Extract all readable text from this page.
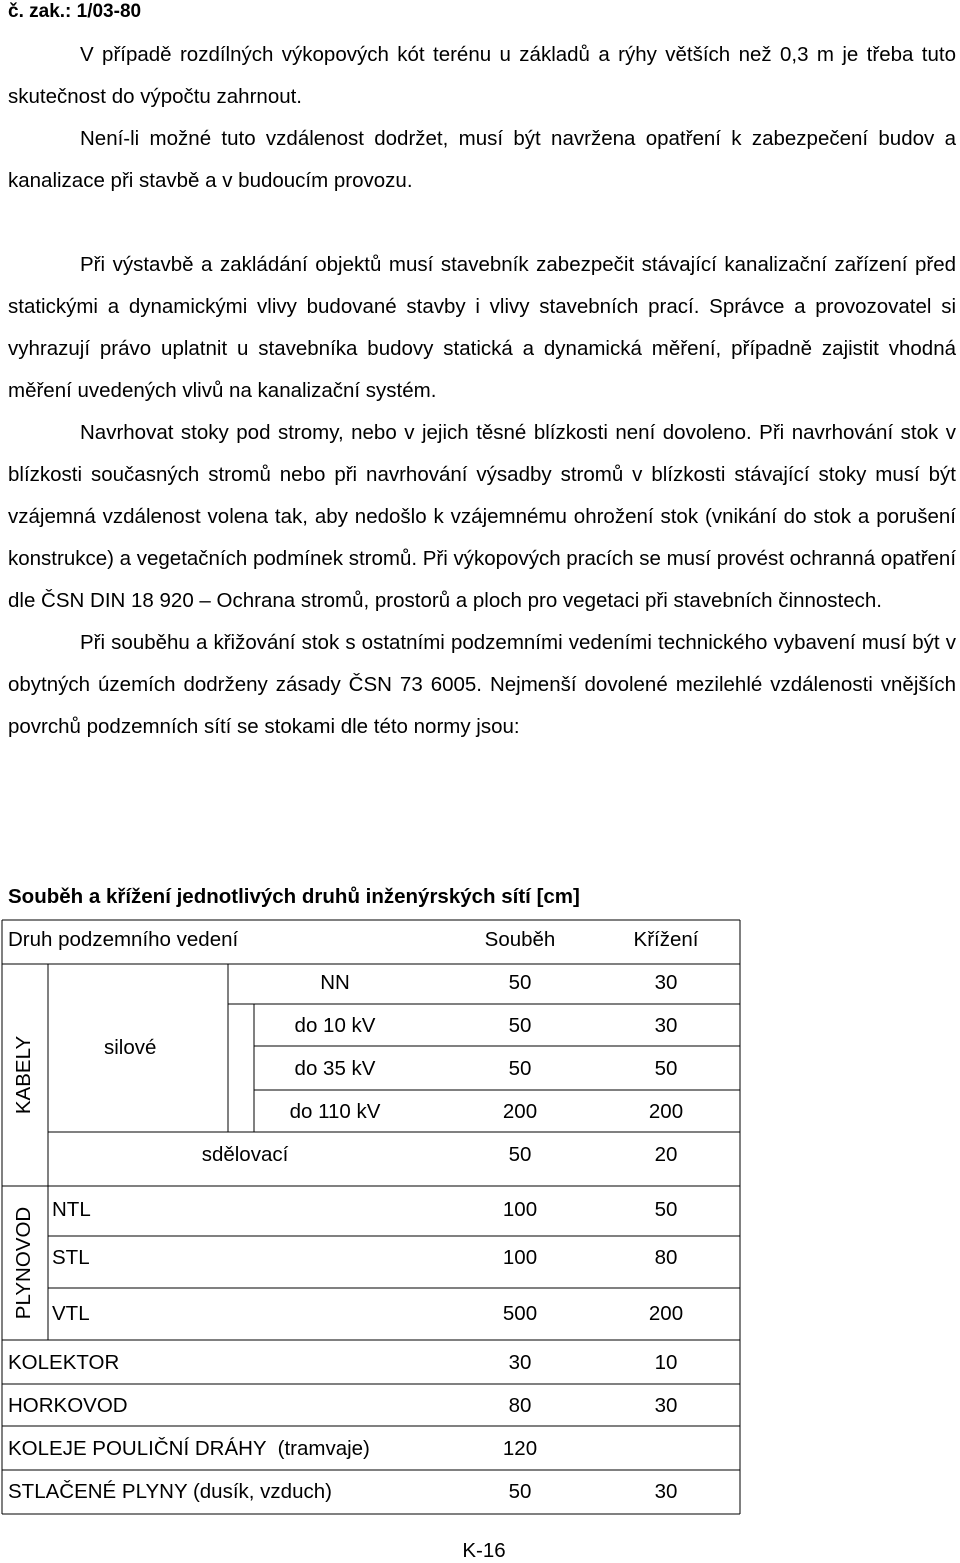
č. zak.: 1/03-80

V případě rozdílných výkopových kót terénu u základů a rýhy větších než 0,3 m je třeba tuto skutečnost do výpočtu zahrnout.

Není-li možné tuto vzdálenost dodržet, musí být navržena opatření k zabezpečení budov a kanalizace při stavbě a v budoucím provozu.

Při výstavbě a zakládání objektů musí stavebník zabezpečit stávající kanalizační zařízení před statickými a dynamickými vlivy budované stavby i vlivy stavebních prací. Správce a provozovatel si vyhrazují právo uplatnit u stavebníka budovy statická a dynamická měření, případně zajistit vhodná měření uvedených vlivů na kanalizační systém.

Navrhovat stoky pod stromy, nebo v jejich těsné blízkosti není dovoleno. Při navrhování stok v blízkosti současných stromů nebo při navrhování výsadby stromů v blízkosti stávající stoky musí být vzájemná vzdálenost volena tak, aby nedošlo k vzájemnému ohrožení stok (vnikání do stok a porušení konstrukce) a vegetačních podmínek stromů. Při výkopových pracích se musí provést ochranná opatření dle ČSN DIN 18 920 – Ochrana stromů, prostorů a ploch pro vegetaci při stavebních činnostech.

Při souběhu a křižování stok s ostatními podzemními vedeními technického vybavení musí být v obytných územích dodrženy zásady ČSN 73 6005. Nejmenší dovolené mezilehlé vzdálenosti vnějších povrchů podzemních sítí se stokami dle této normy jsou:

Souběh a křížení jednotlivých druhů inženýrských sítí [cm]
Druh podzemního vedení	Souběh	Křížení
KABELY	silové
PLYNOVOD
NN	50	30
do 10 kV	50	30
do 35 kV	50	50
do 110 kV	200	200
sdělovací	50	20
NTL	100	50
STL	100	80
VTL	500	200
KOLEKTOR	30	10
HORKOVOD	80	30
KOLEJE POULIČNÍ DRÁHY  (tramvaje)	120
STLAČENÉ PLYNY (dusík, vzduch)	50	30
K-16
